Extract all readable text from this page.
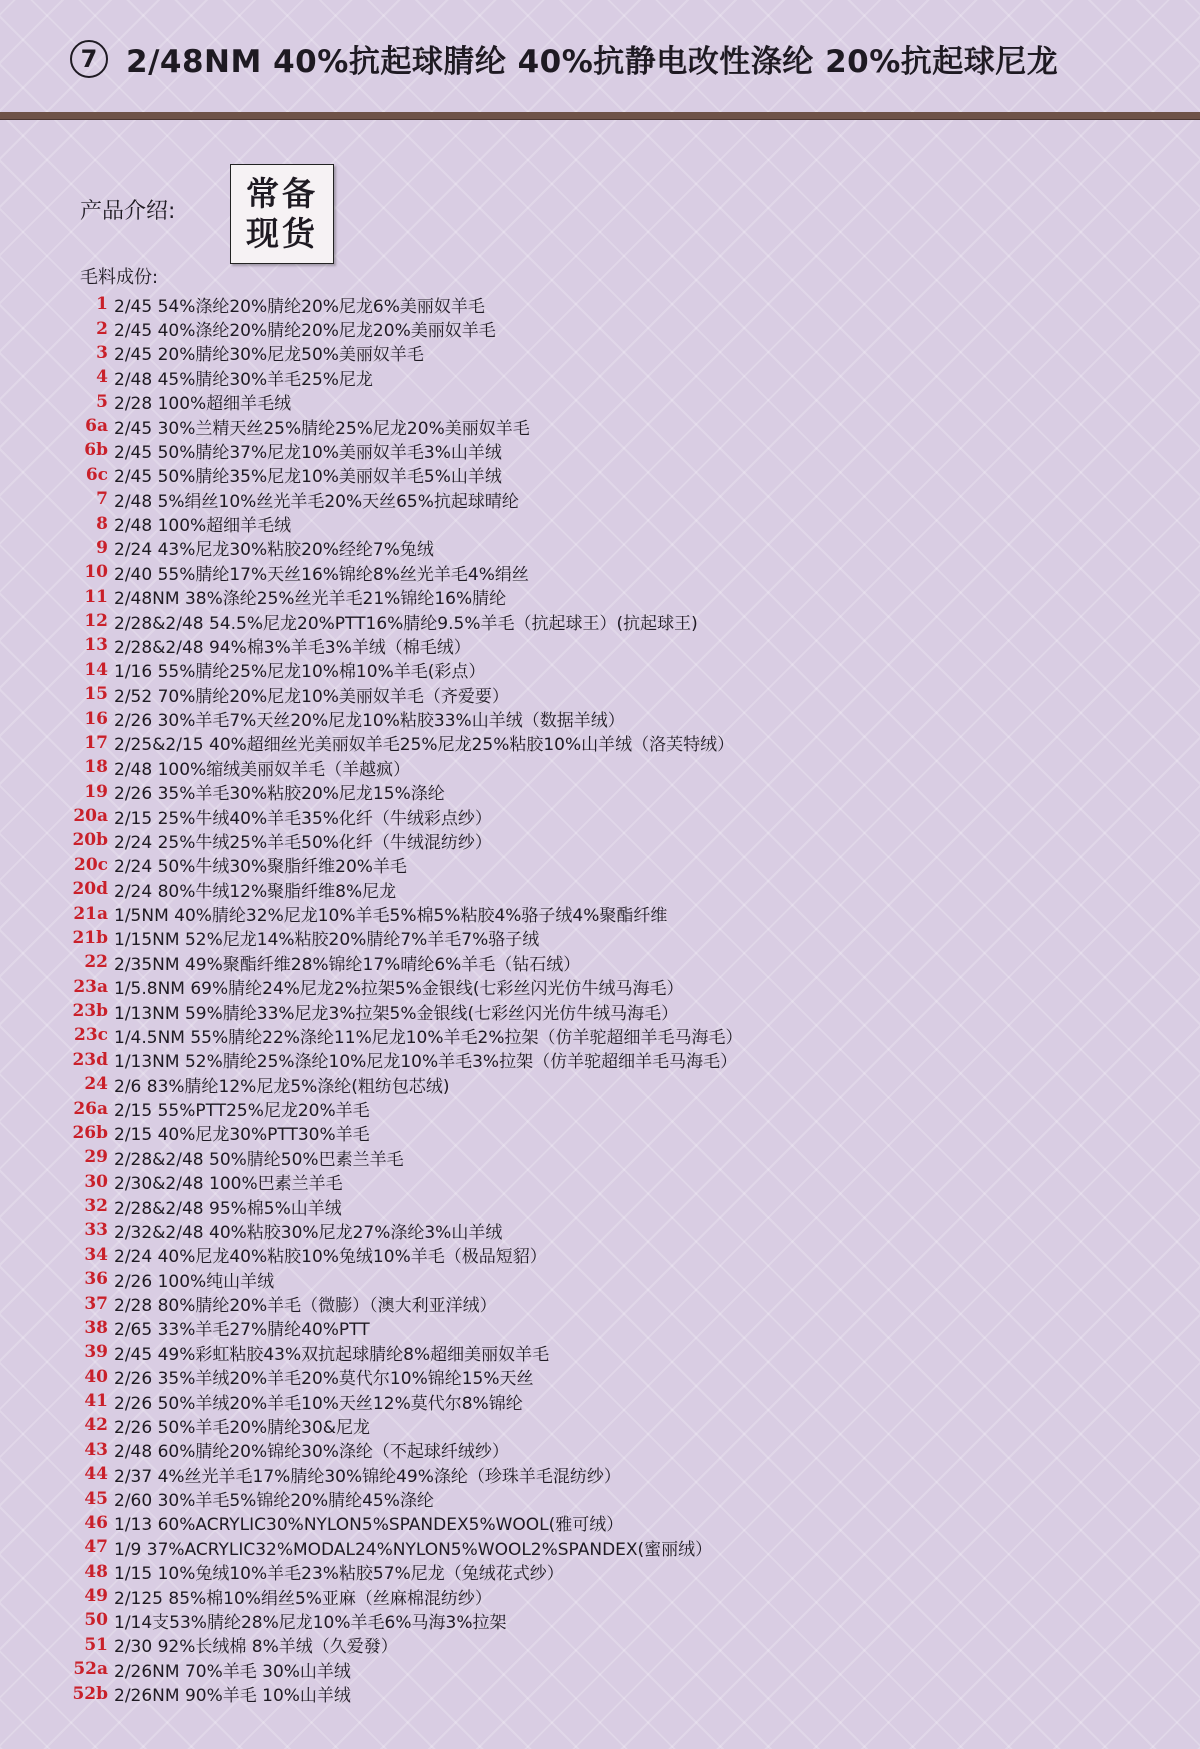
7 2/48NM 40%抗起球腈纶 40%抗静电改性涤纶 20%抗起球尼龙
产品介绍: 常备
现货
毛料成份:
1 2/45 54%涤纶20%腈纶20%尼龙6%美丽奴羊毛
2 2/45 40%涤纶20%腈纶20%尼龙20%美丽奴羊毛
3 2/45 20%腈纶30%尼龙50%美丽奴羊毛
4 2/48 45%腈纶30%羊毛25%尼龙
5 2/28 100%超细羊毛绒
6a 2/45 30%兰精天丝25%腈纶25%尼龙20%美丽奴羊毛
6b 2/45 50%腈纶37%尼龙10%美丽奴羊毛3%山羊绒
6c 2/45 50%腈纶35%尼龙10%美丽奴羊毛5%山羊绒
7 2/48 5%绢丝10%丝光羊毛20%天丝65%抗起球晴纶
8 2/48 100%超细羊毛绒
9 2/24 43%尼龙30%粘胶20%经纶7%兔绒
10 2/40 55%腈纶17%天丝16%锦纶8%丝光羊毛4%绢丝
11 2/48NM 38%涤纶25%丝光羊毛21%锦纶16%腈纶
12 2/28&2/48 54.5%尼龙20%PTT16%腈纶9.5%羊毛（抗起球王）(抗起球王)
13 2/28&2/48 94%棉3%羊毛3%羊绒（棉毛绒）
14 1/16 55%腈纶25%尼龙10%棉10%羊毛(彩点）
15 2/52 70%腈纶20%尼龙10%美丽奴羊毛（齐爱要）
16 2/26 30%羊毛7%天丝20%尼龙10%粘胶33%山羊绒（数据羊绒）
17 2/25&2/15 40%超细丝光美丽奴羊毛25%尼龙25%粘胶10%山羊绒（洛芙特绒）
18 2/48 100%缩绒美丽奴羊毛（羊越疯）
19 2/26 35%羊毛30%粘胶20%尼龙15%涤纶
20a 2/15 25%牛绒40%羊毛35%化纤（牛绒彩点纱）
20b 2/24 25%牛绒25%羊毛50%化纤（牛绒混纺纱）
20c 2/24 50%牛绒30%聚脂纤维20%羊毛
20d 2/24 80%牛绒12%聚脂纤维8%尼龙
21a 1/5NM 40%腈纶32%尼龙10%羊毛5%棉5%粘胶4%骆子绒4%聚酯纤维
21b 1/15NM 52%尼龙14%粘胶20%腈纶7%羊毛7%骆子绒
22 2/35NM 49%聚酯纤维28%锦纶17%晴纶6%羊毛（钻石绒）
23a 1/5.8NM 69%腈纶24%尼龙2%拉架5%金银线(七彩丝闪光仿牛绒马海毛）
23b 1/13NM 59%腈纶33%尼龙3%拉架5%金银线(七彩丝闪光仿牛绒马海毛）
23c 1/4.5NM 55%腈纶22%涤纶11%尼龙10%羊毛2%拉架（仿羊驼超细羊毛马海毛）
23d 1/13NM 52%腈纶25%涤纶10%尼龙10%羊毛3%拉架（仿羊驼超细羊毛马海毛）
24 2/6 83%腈纶12%尼龙5%涤纶(粗纺包芯绒)
26a 2/15 55%PTT25%尼龙20%羊毛
26b 2/15 40%尼龙30%PTT30%羊毛
29 2/28&2/48 50%腈纶50%巴素兰羊毛
30 2/30&2/48 100%巴素兰羊毛
32 2/28&2/48 95%棉5%山羊绒
33 2/32&2/48 40%粘胶30%尼龙27%涤纶3%山羊绒
34 2/24 40%尼龙40%粘胶10%兔绒10%羊毛（极品短貂）
36 2/26 100%纯山羊绒
37 2/28 80%腈纶20%羊毛（微膨）（澳大利亚洋绒）
38 2/65 33%羊毛27%腈纶40%PTT
39 2/45 49%彩虹粘胶43%双抗起球腈纶8%超细美丽奴羊毛
40 2/26 35%羊绒20%羊毛20%莫代尔10%锦纶15%天丝
41 2/26 50%羊绒20%羊毛10%天丝12%莫代尔8%锦纶
42 2/26 50%羊毛20%腈纶30&尼龙
43 2/48 60%腈纶20%锦纶30%涤纶（不起球纤绒纱）
44 2/37 4%丝光羊毛17%腈纶30%锦纶49%涤纶（珍珠羊毛混纺纱）
45 2/60 30%羊毛5%锦纶20%腈纶45%涤纶
46 1/13 60%ACRYLIC30%NYLON5%SPANDEX5%WOOL(雅可绒）
47 1/9 37%ACRYLIC32%MODAL24%NYLON5%WOOL2%SPANDEX(蜜丽绒）
48 1/15 10%兔绒10%羊毛23%粘胶57%尼龙（兔绒花式纱）
49 2/125 85%棉10%绢丝5%亚麻（丝麻棉混纺纱）
50 1/14支53%腈纶28%尼龙10%羊毛6%马海3%拉架
51 2/30 92%长绒棉 8%羊绒（久爱發）
52a 2/26NM 70%羊毛 30%山羊绒
52b 2/26NM 90%羊毛 10%山羊绒
